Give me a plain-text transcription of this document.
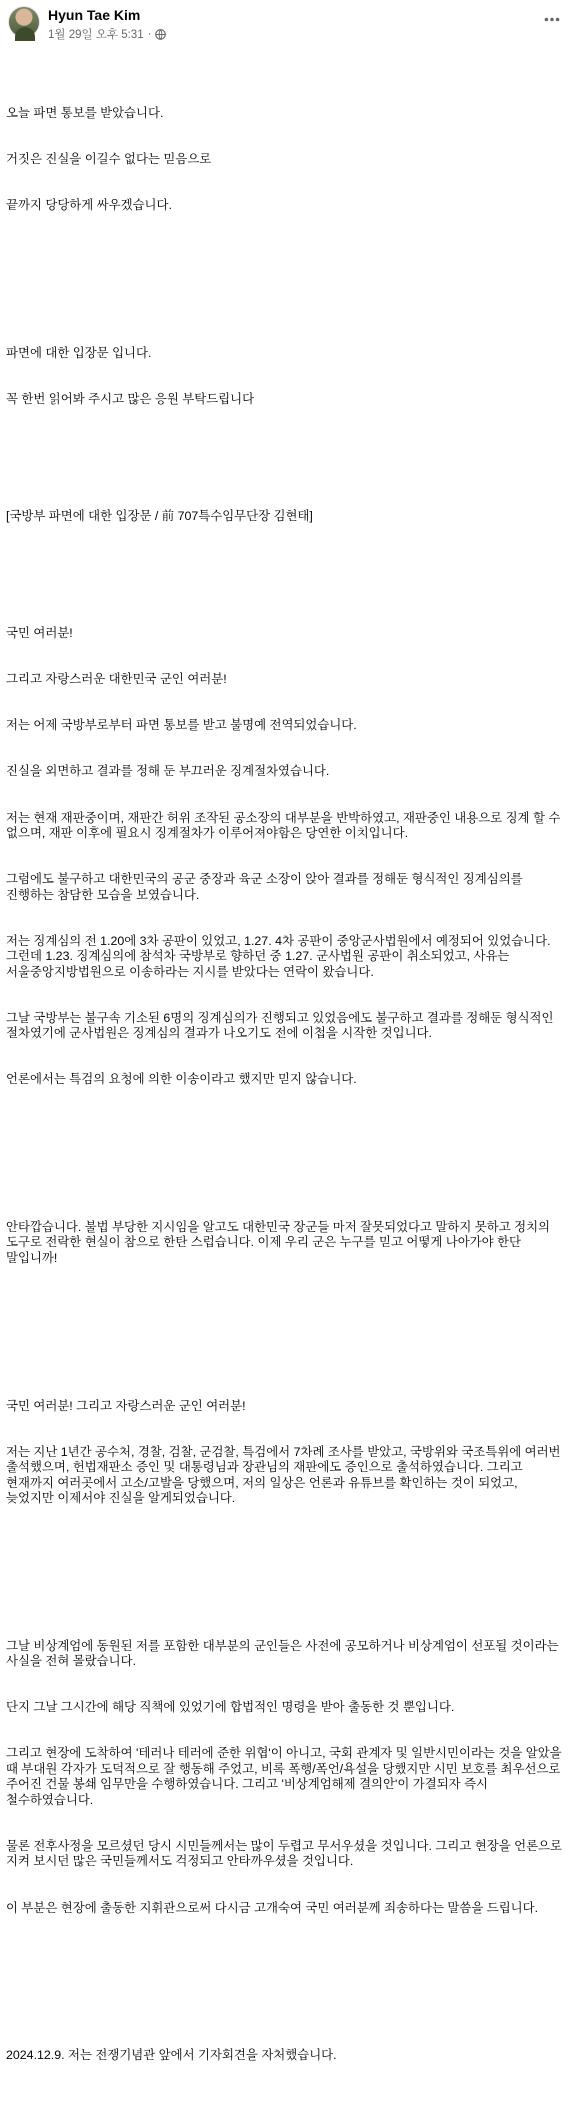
Hyun Tae Kim
1월 29일 오후 5:31 ·

오늘 파면 통보를 받았습니다.

거짓은 진실을 이길수 없다는 믿음으로

끝까지 당당하게 싸우겠습니다.

파면에 대한 입장문 입니다.

꼭 한번 읽어봐 주시고 많은 응원 부탁드립니다

[국방부 파면에 대한 입장문 / 前 707특수임무단장 김현태]

국민 여러분!

그리고 자랑스러운 대한민국 군인 여러분!

저는 어제 국방부로부터 파면 통보를 받고 불명예 전역되었습니다.

진실을 외면하고 결과를 정해 둔 부끄러운 징계절차였습니다.

저는 현재 재판중이며, 재판간 허위 조작된 공소장의 대부분을 반박하였고, 재판중인 내용으로 징계 할 수 없으며, 재판 이후에 필요시 징계절차가 이루어져야함은 당연한 이치입니다.

그럼에도 불구하고 대한민국의 공군 중장과 육군 소장이 앉아 결과를 정해둔 형식적인 징계심의를 진행하는 참담한 모습을 보였습니다.

저는 징계심의 전 1.20에 3차 공판이 있었고, 1.27. 4차 공판이 중앙군사법원에서 예정되어 있었습니다. 그런데 1.23. 징계심의에 참석차 국방부로 향하던 중 1.27. 군사법원 공판이 취소되었고, 사유는 서울중앙지방법원으로 이송하라는 지시를 받았다는 연락이 왔습니다.

그날 국방부는 불구속 기소된 6명의 징계심의가 진행되고 있었음에도 불구하고 결과를 정해둔 형식적인 절차였기에 군사법원은 징계심의 결과가 나오기도 전에 이첩을 시작한 것입니다.

언론에서는 특검의 요청에 의한 이송이라고 했지만 믿지 않습니다.

안타깝습니다. 불법 부당한 지시임을 알고도 대한민국 장군들 마저 잘못되었다고 말하지 못하고 정치의 도구로 전락한 현실이 참으로 한탄 스럽습니다. 이제 우리 군은 누구를 믿고 어떻게 나아가야 한단 말입니까!

국민 여러분! 그리고 자랑스러운 군인 여러분!

저는 지난 1년간 공수처, 경찰, 검찰, 군검찰, 특검에서 7차례 조사를 받았고, 국방위와 국조특위에 여러번 출석했으며, 헌법재판소 증인 및 대통령님과 장관님의 재판에도 증인으로 출석하였습니다. 그리고 현재까지 여러곳에서 고소/고발을 당했으며, 저의 일상은 언론과 유튜브를 확인하는 것이 되었고, 늦었지만 이제서야 진실을 알게되었습니다.

그날 비상계엄에 동원된 저를 포함한 대부분의 군인들은 사전에 공모하거나 비상계엄이 선포될 것이라는 사실을 전혀 몰랐습니다.

단지 그날 그시간에 해당 직책에 있었기에 합법적인 명령을 받아 출동한 것 뿐입니다.

그리고 현장에 도착하여 '테러나 테러에 준한 위협'이 아니고, 국회 관계자 및 일반시민이라는 것을 알았을 때 부대원 각자가 도덕적으로 잘 행동해 주었고, 비록 폭행/폭언/욕설을 당했지만 시민 보호를 최우선으로 주어진 건물 봉쇄 임무만을 수행하였습니다. 그리고 '비상계엄해제 결의안'이 가결되자 즉시 철수하였습니다.

물론 전후사정을 모르셨던 당시 시민들께서는 많이 두렵고 무서우셨을 것입니다. 그리고 현장을 언론으로 지켜 보시던 많은 국민들께서도 걱정되고 안타까우셨을 것입니다.

이 부분은 현장에 출동한 지휘관으로써 다시금 고개숙여 국민 여러분께 죄송하다는 말씀을 드립니다.

2024.12.9. 저는 전쟁기념관 앞에서 기자회견을 자처했습니다.
